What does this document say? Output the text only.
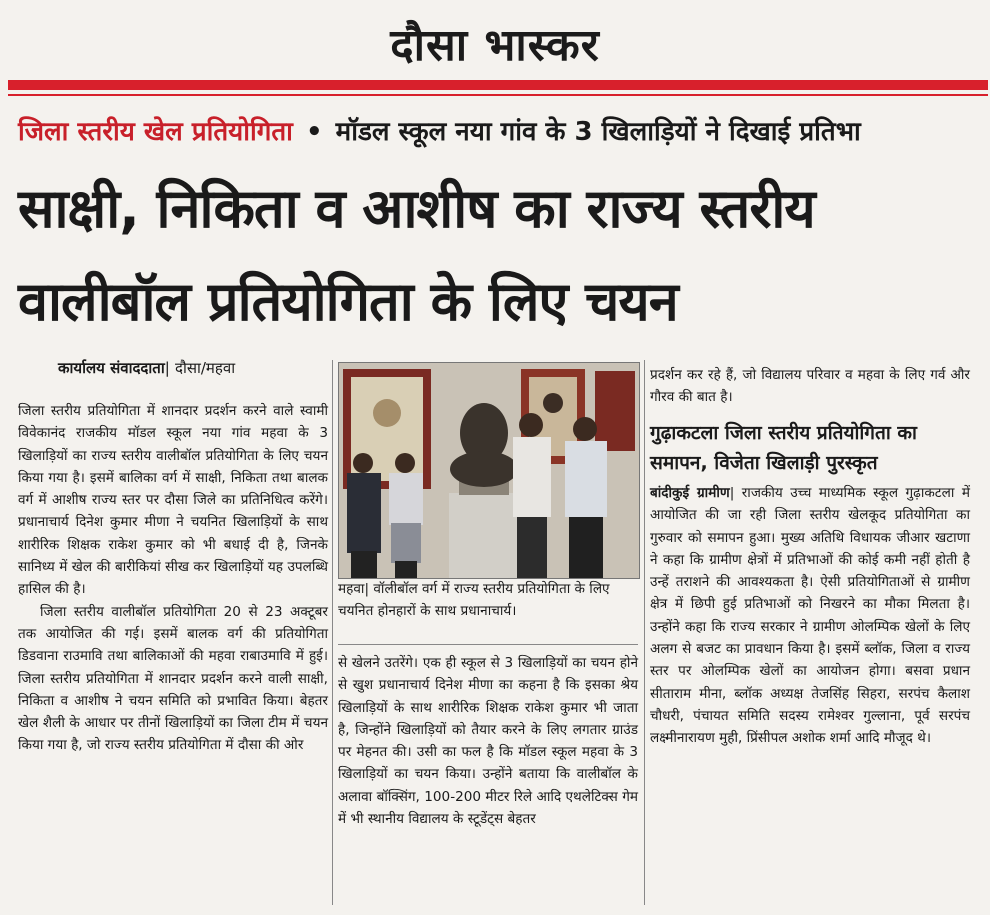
दौसा भास्कर
जिला स्तरीय खेल प्रतियोगिता • मॉडल स्कूल नया गांव के 3 खिलाड़ियों ने दिखाई प्रतिभा
साक्षी, निकिता व आशीष का राज्य स्तरीय
वालीबॉल प्रतियोगिता के लिए चयन
कार्यालय संवाददाता| दौसा/महवा

जिला स्तरीय प्रतियोगिता में शानदार प्रदर्शन करने वाले स्वामी विवेकानंद राजकीय मॉडल स्कूल नया गांव महवा के 3 खिलाड़ियों का राज्य स्तरीय वालीबॉल प्रतियोगिता के लिए चयन किया गया है। इसमें बालिका वर्ग में साक्षी, निकिता तथा बालक वर्ग में आशीष राज्य स्तर पर दौसा जिले का प्रतिनिधित्व करेंगे। प्रधानाचार्य दिनेश कुमार मीणा ने चयनित खिलाड़ियों के साथ शारीरिक शिक्षक राकेश कुमार को भी बधाई दी है, जिनके सानिध्य में खेल की बारीकियां सीख कर खिलाड़ियों यह उपलब्धि हासिल की है।

जिला स्तरीय वालीबॉल प्रतियोगिता 20 से 23 अक्टूबर तक आयोजित की गई। इसमें बालक वर्ग की प्रतियोगिता डिडवाना राउमावि तथा बालिकाओं की महवा राबाउमावि में हुई। जिला स्तरीय प्रतियोगिता में शानदार प्रदर्शन करने वाली साक्षी, निकिता व आशीष ने चयन समिति को प्रभावित किया। बेहतर खेल शैली के आधार पर तीनों खिलाड़ियों का जिला टीम में चयन किया गया है, जो राज्य स्तरीय प्रतियोगिता में दौसा की ओर

महवा| वॉलीबॉल वर्ग में राज्य स्तरीय प्रतियोगिता के लिए चयनित होनहारों के साथ प्रधानाचार्य।

से खेलने उतरेंगे। एक ही स्कूल से 3 खिलाड़ियों का चयन होने से खुश प्रधानाचार्य दिनेश मीणा का कहना है कि इसका श्रेय खिलाड़ियों के साथ शारीरिक शिक्षक राकेश कुमार भी जाता है, जिन्होंने खिलाड़ियों को तैयार करने के लिए लगतार ग्राउंड पर मेहनत की। उसी का फल है कि मॉडल स्कूल महवा के 3 खिलाड़ियों का चयन किया। उन्होंने बताया कि वालीबॉल के अलावा बॉक्सिंग, 100-200 मीटर रिले आदि एथलेटिक्स गेम में भी स्थानीय विद्यालय के स्टूडेंट्स बेहतर

प्रदर्शन कर रहे हैं, जो विद्यालय परिवार व महवा के लिए गर्व और गौरव की बात है।

गुढ़ाकटला जिला स्तरीय प्रतियोगिता का समापन, विजेता खिलाड़ी पुरस्कृत

बांदीकुई ग्रामीण| राजकीय उच्च माध्यमिक स्कूल गुढ़ाकटला में आयोजित की जा रही जिला स्तरीय खेलकूद प्रतियोगिता का गुरुवार को समापन हुआ। मुख्य अतिथि विधायक जीआर खटाणा ने कहा कि ग्रामीण क्षेत्रों में प्रतिभाओं की कोई कमी नहीं होती है उन्हें तराशने की आवश्यकता है। ऐसी प्रतियोगिताओं से ग्रामीण क्षेत्र में छिपी हुई प्रतिभाओं को निखरने का मौका मिलता है। उन्होंने कहा कि राज्य सरकार ने ग्रामीण ओलम्पिक खेलों के लिए अलग से बजट का प्रावधान किया है। इसमें ब्लॉक, जिला व राज्य स्तर पर ओलम्पिक खेलों का आयोजन होगा। बसवा प्रधान सीताराम मीना, ब्लॉक अध्यक्ष तेजसिंह सिहरा, सरपंच कैलाश चौधरी, पंचायत समिति सदस्य रामेश्वर गुल्लाना, पूर्व सरपंच लक्ष्मीनारायण मुही, प्रिंसीपल अशोक शर्मा आदि मौजूद थे।
